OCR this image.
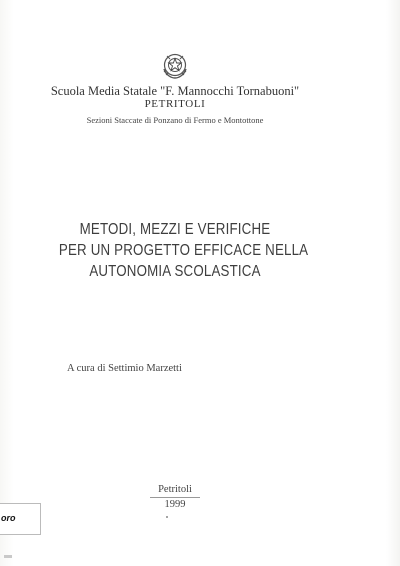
Scuola Media Statale "F. Mannocchi Tornabuoni"
PETRITOLI
Sezioni Staccate di Ponzano di Fermo e Montottone
METODI, MEZZI E VERIFICHE
PER UN PROGETTO EFFICACE NELLA
AUTONOMIA SCOLASTICA
A cura di Settimio Marzetti
Petritoli
1999
oro
